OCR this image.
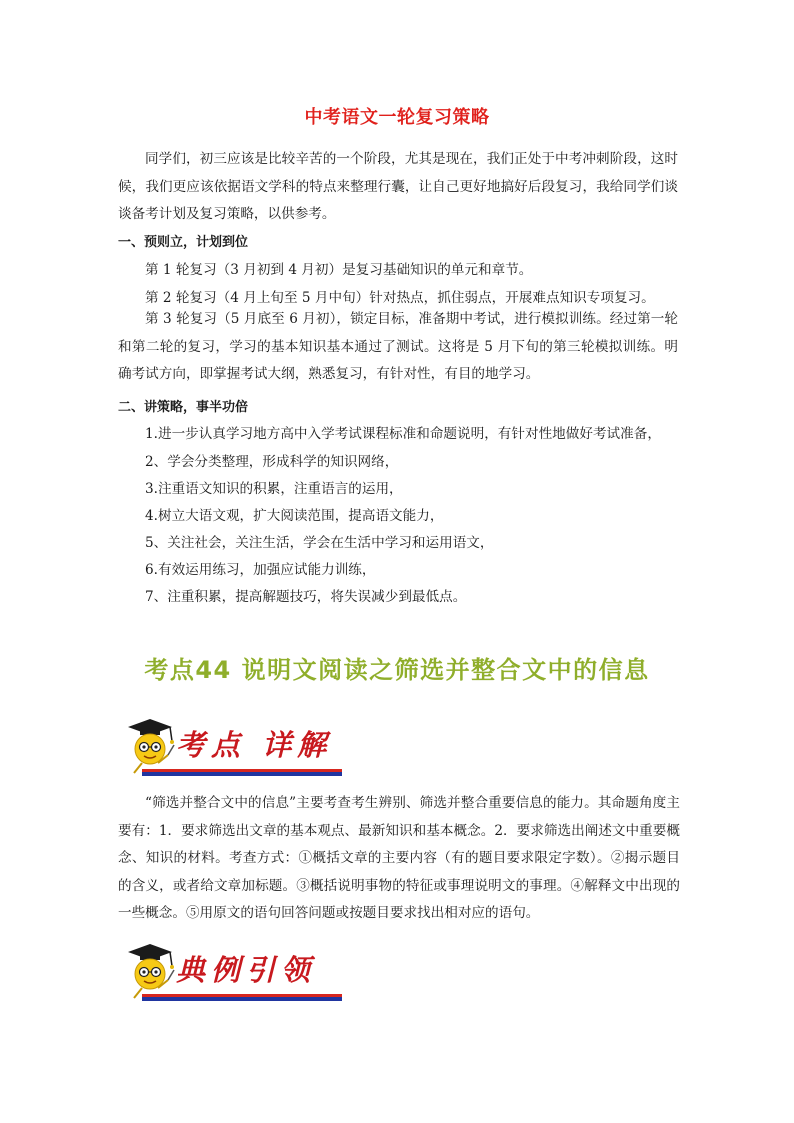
中考语文一轮复习策略

同学们，初三应该是比较辛苦的一个阶段，尤其是现在，我们正处于中考冲刺阶段，这时候，我们更应该依据语文学科的特点来整理行囊，让自己更好地搞好后段复习，我给同学们谈谈备考计划及复习策略，以供参考。

一、预则立，计划到位

第 1 轮复习（3 月初到 4 月初）是复习基础知识的单元和章节。

第 2 轮复习（4 月上旬至 5 月中旬）针对热点，抓住弱点，开展难点知识专项复习。

第 3 轮复习（5 月底至 6 月初），锁定目标，准备期中考试，进行模拟训练。经过第一轮和第二轮的复习，学习的基本知识基本通过了测试。这将是 5 月下旬的第三轮模拟训练。明确考试方向，即掌握考试大纲，熟悉复习，有针对性，有目的地学习。

二、讲策略，事半功倍

1.进一步认真学习地方高中入学考试课程标准和命题说明，有针对性地做好考试准备，

2、学会分类整理，形成科学的知识网络，

3.注重语文知识的积累，注重语言的运用，

4.树立大语文观，扩大阅读范围，提高语文能力，

5、关注社会，关注生活，学会在生活中学习和运用语文，

6.有效运用练习，加强应试能力训练，

7、注重积累，提高解题技巧，将失误减少到最低点。

考点44 说明文阅读之筛选并整合文中的信息
考点 详解
“筛选并整合文中的信息”主要考查考生辨别、筛选并整合重要信息的能力。其命题角度主要有：1．要求筛选出文章的基本观点、最新知识和基本概念。2．要求筛选出阐述文中重要概念、知识的材料。考查方式：①概括文章的主要内容（有的题目要求限定字数）。②揭示题目的含义，或者给文章加标题。③概括说明事物的特征或事理说明文的事理。④解释文中出现的一些概念。⑤用原文的语句回答问题或按题目要求找出相对应的语句。
典例引领
